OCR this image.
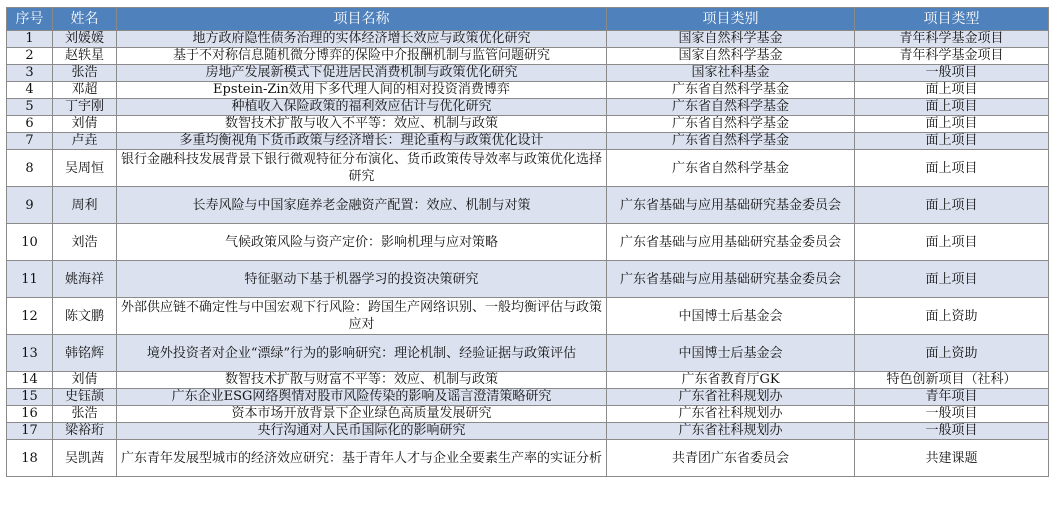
序号	姓名	项目名称	项目类别	项目类型
1	刘媛媛	地方政府隐性债务治理的实体经济增长效应与政策优化研究	国家自然科学基金	青年科学基金项目
2	赵轶星	基于不对称信息随机微分博弈的保险中介报酬机制与监管问题研究	国家自然科学基金	青年科学基金项目
3	张浩	房地产发展新模式下促进居民消费机制与政策优化研究	国家社科基金	一般项目
4	邓超	Epstein-Zin效用下多代理人间的相对投资消费博弈	广东省自然科学基金	面上项目
5	丁宇刚	种植收入保险政策的福利效应估计与优化研究	广东省自然科学基金	面上项目
6	刘倩	数智技术扩散与收入不平等：效应、机制与政策	广东省自然科学基金	面上项目
7	卢垚	多重均衡视角下货币政策与经济增长：理论重构与政策优化设计	广东省自然科学基金	面上项目
8	吴周恒	银行金融科技发展背景下银行微观特征分布演化、货币政策传导效率与政策优化选择研究	广东省自然科学基金	面上项目
9	周利	长寿风险与中国家庭养老金融资产配置：效应、机制与对策	广东省基础与应用基础研究基金委员会	面上项目
10	刘浩	气候政策风险与资产定价：影响机理与应对策略	广东省基础与应用基础研究基金委员会	面上项目
11	姚海祥	特征驱动下基于机器学习的投资决策研究	广东省基础与应用基础研究基金委员会	面上项目
12	陈文鹏	外部供应链不确定性与中国宏观下行风险：跨国生产网络识别、一般均衡评估与政策应对	中国博士后基金会	面上资助
13	韩铭辉	境外投资者对企业“漂绿”行为的影响研究：理论机制、经验证据与政策评估	中国博士后基金会	面上资助
14	刘倩	数智技术扩散与财富不平等：效应、机制与政策	广东省教育厅GK	特色创新项目（社科）
15	史钰颉	广东企业ESG网络舆情对股市风险传染的影响及谣言澄清策略研究	广东省社科规划办	青年项目
16	张浩	资本市场开放背景下企业绿色高质量发展研究	广东省社科规划办	一般项目
17	梁裕珩	央行沟通对人民币国际化的影响研究	广东省社科规划办	一般项目
18	吴凯茜	广东青年发展型城市的经济效应研究：基于青年人才与企业全要素生产率的实证分析	共青团广东省委员会	共建课题
